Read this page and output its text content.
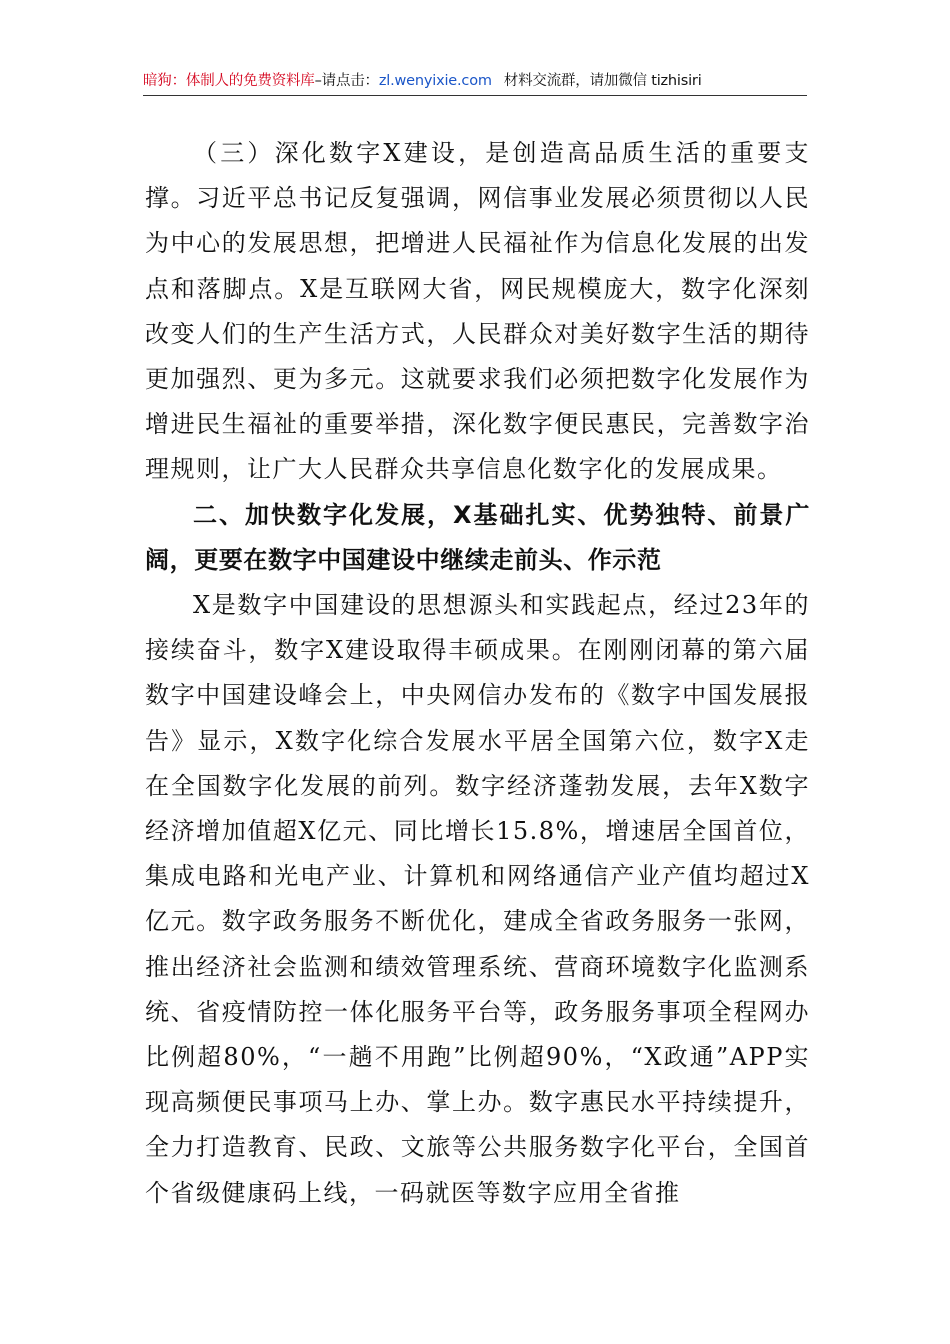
暗狗：体制人的免费资料库–请点击：zl.wenyixie.com 材料交流群，请加微信 tizhisiri

（三）深化数字X建设，是创造高品质生活的重要支撑。习近平总书记反复强调，网信事业发展必须贯彻以人民为中心的发展思想，把增进人民福祉作为信息化发展的出发点和落脚点。X是互联网大省，网民规模庞大，数字化深刻改变人们的生产生活方式，人民群众对美好数字生活的期待更加强烈、更为多元。这就要求我们必须把数字化发展作为增进民生福祉的重要举措，深化数字便民惠民，完善数字治理规则，让广大人民群众共享信息化数字化的发展成果。

二、加快数字化发展，X基础扎实、优势独特、前景广阔，更要在数字中国建设中继续走前头、作示范

X是数字中国建设的思想源头和实践起点，经过23年的接续奋斗，数字X建设取得丰硕成果。在刚刚闭幕的第六届数字中国建设峰会上，中央网信办发布的《数字中国发展报告》显示，X数字化综合发展水平居全国第六位，数字X走在全国数字化发展的前列。数字经济蓬勃发展，去年X数字经济增加值超X亿元、同比增长15.8%，增速居全国首位，集成电路和光电产业、计算机和网络通信产业产值均超过X亿元。数字政务服务不断优化，建成全省政务服务一张网，推出经济社会监测和绩效管理系统、营商环境数字化监测系统、省疫情防控一体化服务平台等，政务服务事项全程网办比例超80%，“一趟不用跑”比例超90%，“X政通”APP实现高频便民事项马上办、掌上办。数字惠民水平持续提升，全力打造教育、民政、文旅等公共服务数字化平台，全国首个省级健康码上线，一码就医等数字应用全省推
